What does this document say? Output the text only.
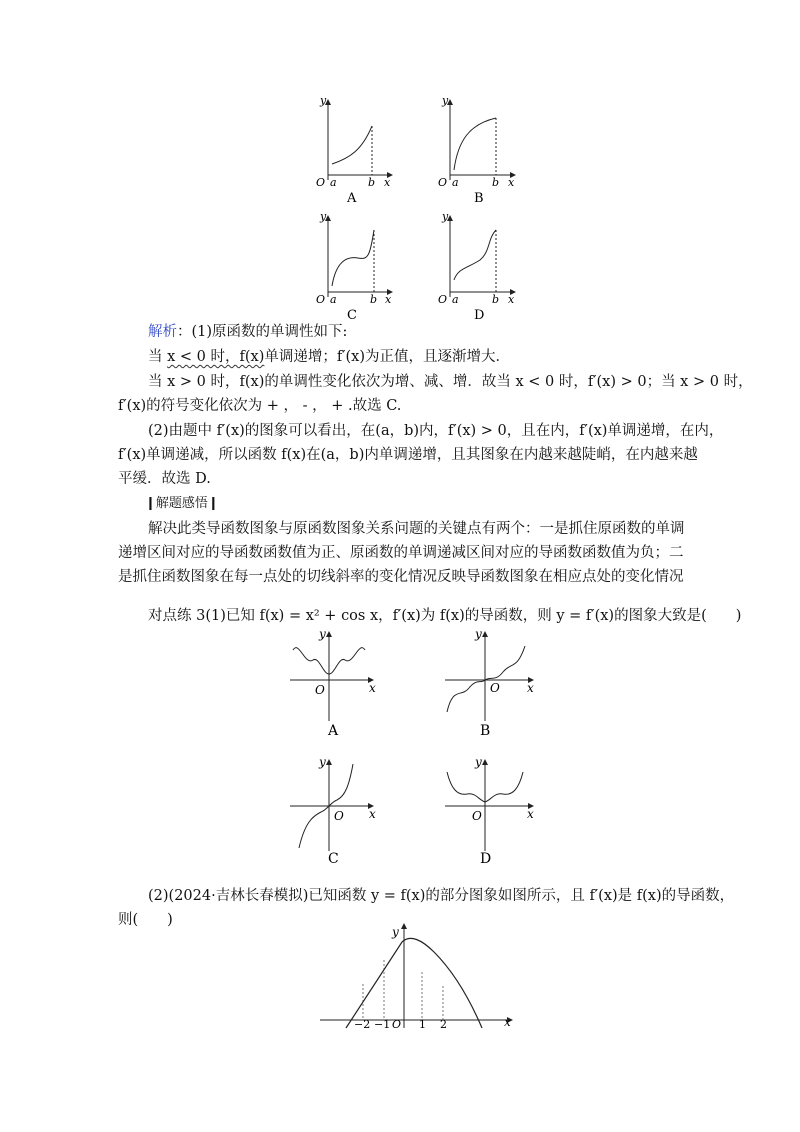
y
O a	b x
A
y
O a	b x
B
y
O a	b x
C
y
O a	b x
D
解析：(1)原函数的单调性如下:
当 x < 0 时，f(x)单调递增；f′(x)为正值，且逐渐增大．
当 x > 0 时，f(x)的单调性变化依次为增、减、增．故当 x < 0 时，f′(x) > 0；当 x > 0 时，
f′(x)的符号变化依次为 + ， - ， + .故选 C.
(2)由题中 f′(x)的图象可以看出，在(a，b)内，f′(x) > 0，且在内，f′(x)单调递增，在内，
f′(x)单调递减，所以函数 f(x)在(a，b)内单调递增，且其图象在内越来越陡峭，在内越来越
平缓．故选 D.
❙解题感悟❙
解决此类导函数图象与原函数图象关系问题的关键点有两个：一是抓住原函数的单调
递增区间对应的导函数函数值为正、原函数的单调递减区间对应的导函数函数值为负；二
是抓住函数图象在每一点处的切线斜率的变化情况反映导函数图象在相应点处的变化情况
对点练 3(1)已知 f(x) = x² + cos x，f′(x)为 f(x)的导函数，则 y = f′(x)的图象大致是(　　)
y
O	x
A
y
O x
B
y
O x
C
y
O	x
D
(2)(2024·吉林长春模拟)已知函数 y = f(x)的部分图象如图所示，且 f′(x)是 f(x)的导函数，
则(　　)
y
O	x
−2 −1	1 2
